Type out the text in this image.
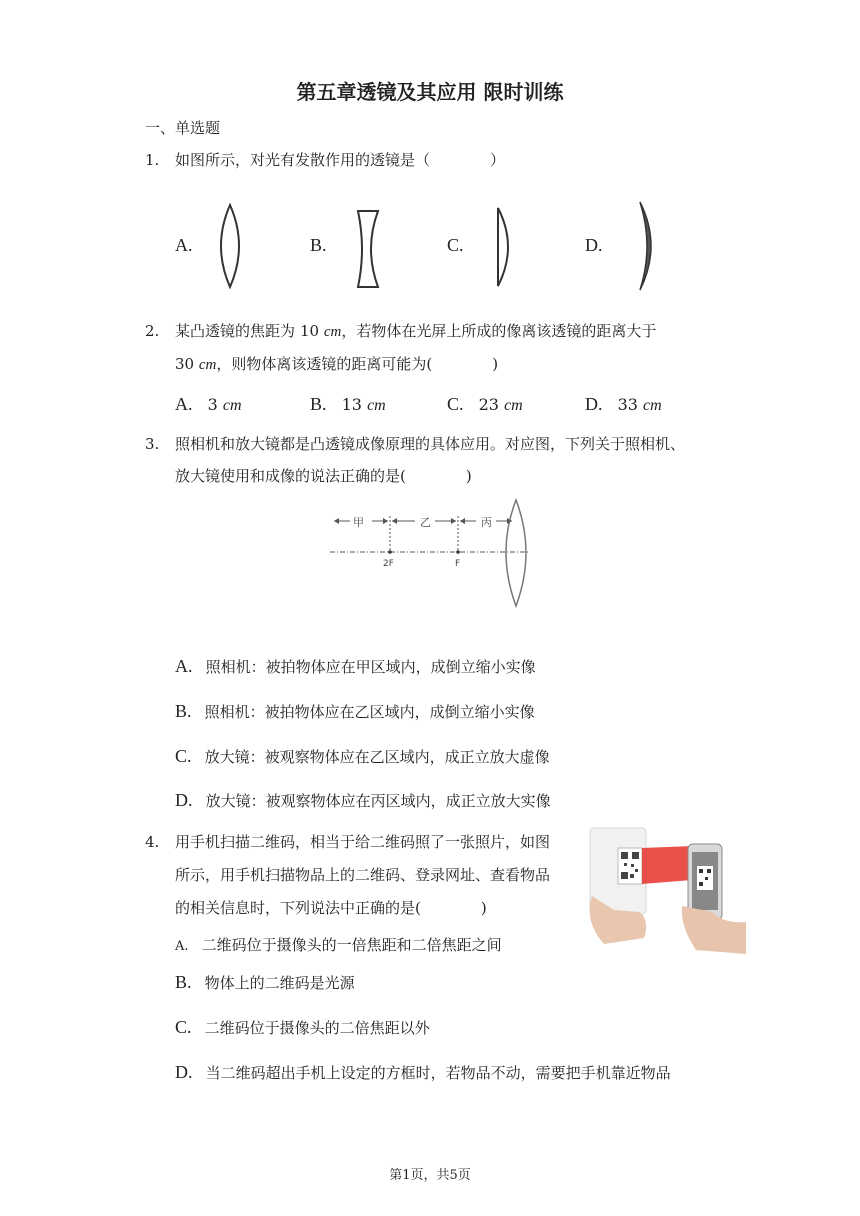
第五章透镜及其应用 限时训练
一、单选题
1. 如图所示，对光有发散作用的透镜是（　　　　）
A.	B.	C.	D.
2. 某凸透镜的焦距为 10 cm，若物体在光屏上所成的像离该透镜的距离大于
30 cm，则物体离该透镜的距离可能为(　　　　)
A. 3 cm	B. 13 cm	C. 23 cm	D. 33 cm
3. 照相机和放大镜都是凸透镜成像原理的具体应用。对应图，下列关于照相机、
放大镜使用和成像的说法正确的是(　　　　)
甲	乙	丙
2F	F
A. 照相机：被拍物体应在甲区域内，成倒立缩小实像
B. 照相机：被拍物体应在乙区域内，成倒立缩小实像
C. 放大镜：被观察物体应在乙区域内，成正立放大虚像
D. 放大镜：被观察物体应在丙区域内，成正立放大实像
4. 用手机扫描二维码，相当于给二维码照了一张照片，如图
所示，用手机扫描物品上的二维码、登录网址、查看物品
的相关信息时，下列说法中正确的是(　　　　)
A. 二维码位于摄像头的一倍焦距和二倍焦距之间
B. 物体上的二维码是光源
C. 二维码位于摄像头的二倍焦距以外
D. 当二维码超出手机上设定的方框时，若物品不动，需要把手机靠近物品
第1页，共5页
